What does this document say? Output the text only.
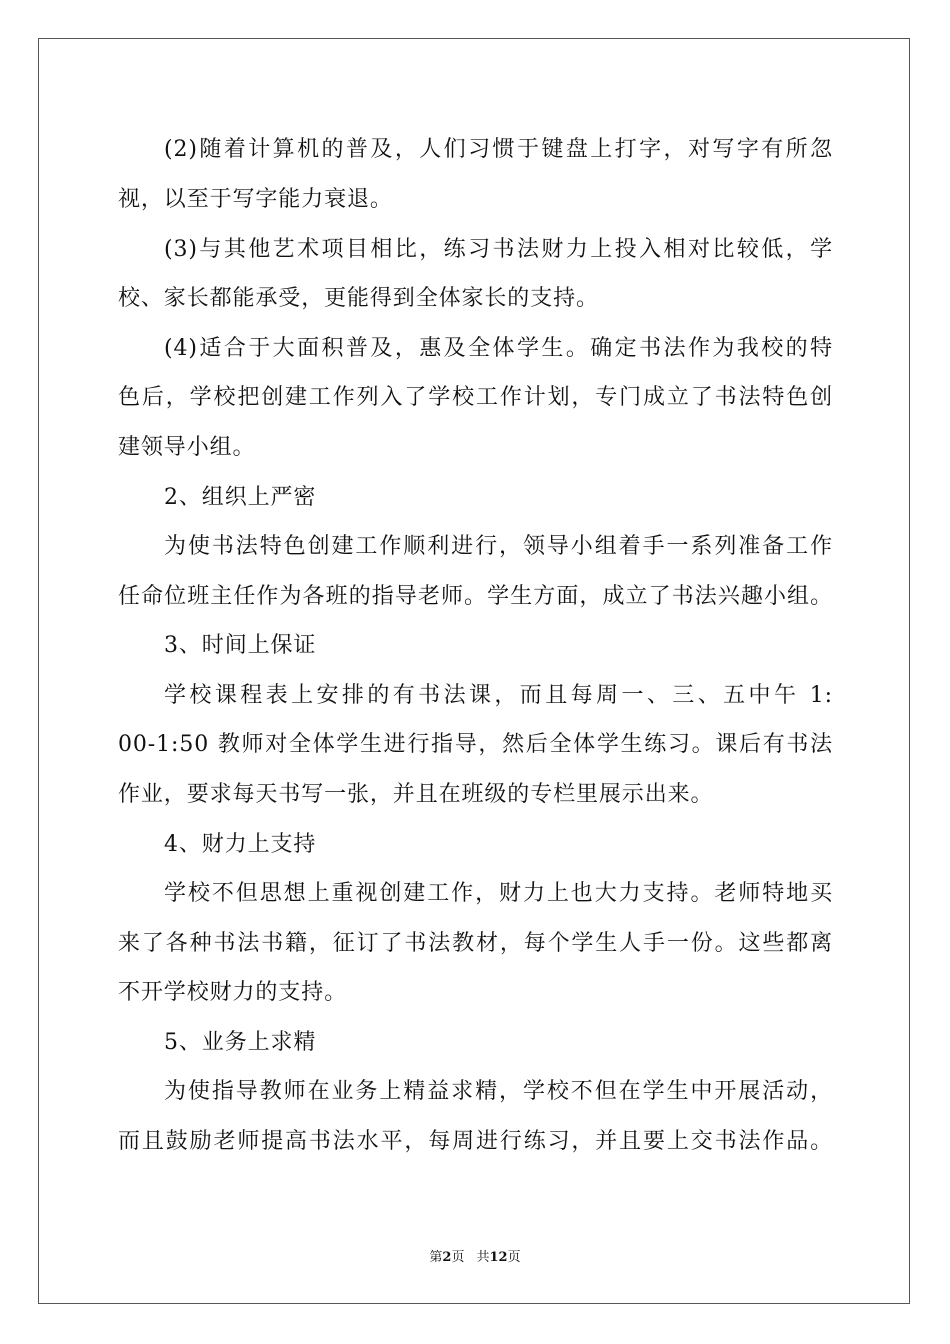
(2)随着计算机的普及，人们习惯于键盘上打字，对写字有所忽
视，以至于写字能力衰退。
(3)与其他艺术项目相比，练习书法财力上投入相对比较低，学
校、家长都能承受，更能得到全体家长的支持。
(4)适合于大面积普及，惠及全体学生。确定书法作为我校的特
色后，学校把创建工作列入了学校工作计划，专门成立了书法特色创
建领导小组。
2、组织上严密
为使书法特色创建工作顺利进行，领导小组着手一系列准备工作
任命位班主任作为各班的指导老师。学生方面，成立了书法兴趣小组。
3、时间上保证
学校课程表上安排的有书法课，而且每周一、三、五中午 1:
00-1:50 教师对全体学生进行指导，然后全体学生练习。课后有书法
作业，要求每天书写一张，并且在班级的专栏里展示出来。
4、财力上支持
学校不但思想上重视创建工作，财力上也大力支持。老师特地买
来了各种书法书籍，征订了书法教材，每个学生人手一份。这些都离
不开学校财力的支持。
5、业务上求精
为使指导教师在业务上精益求精，学校不但在学生中开展活动，
而且鼓励老师提高书法水平，每周进行练习，并且要上交书法作品。
第2页 共12页
